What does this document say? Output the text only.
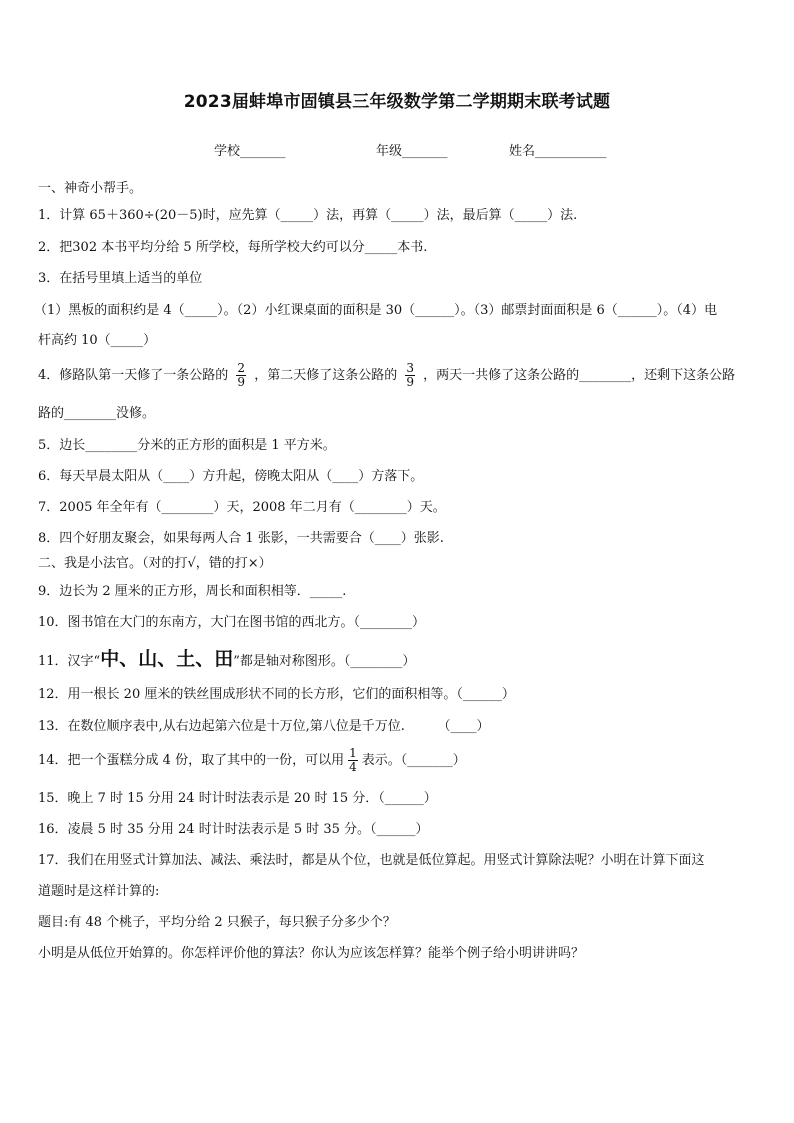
2023届蚌埠市固镇县三年级数学第二学期期末联考试题
学校_______	年级_______	姓名___________
一、神奇小帮手。
1．计算 65＋360÷(20－5)时，应先算（_____）法，再算（_____）法，最后算（_____）法.
2．把302 本书平均分给 5 所学校，每所学校大约可以分_____本书.
3．在括号里填上适当的单位
（1）黑板的面积约是 4（_____）。（2）小红课桌面的面积是 30（______）。（3）邮票封面面积是 6（______）。（4）电
杆高约 10（_____）
4．修路队第一天修了一条公路的 $\frac{2}{9}$ ，第二天修了这条公路的 $\frac{3}{9}$ ，两天一共修了这条公路的________，还剩下这条公路
路的________没修。
5．边长________分米的正方形的面积是 1 平方米。
6．每天早晨太阳从（____）方升起，傍晚太阳从（____）方落下。
7．2005 年全年有（________）天，2008 年二月有（________）天。
8．四个好朋友聚会，如果每两人合 1 张影，一共需要合（____）张影.
二、我是小法官。（对的打√，错的打×）
9．边长为 2 厘米的正方形，周长和面积相等．_____.
10．图书馆在大门的东南方，大门在图书馆的西北方。（________）
11．汉字“中、山、土、田”都是轴对称图形。（________）
12．用一根长 20 厘米的铁丝围成形状不同的长方形，它们的面积相等。（______）
13．在数位顺序表中,从右边起第六位是十万位,第八位是千万位.　　　（____）
14．把一个蛋糕分成 4 份，取了其中的一份，可以用 $\frac{1}{4}$ 表示。（_______）
15．晚上 7 时 15 分用 24 时计时法表示是 20 时 15 分．（______）
16．凌晨 5 时 35 分用 24 时计时法表示是 5 时 35 分。（______）
17．我们在用竖式计算加法、减法、乘法时，都是从个位，也就是低位算起。用竖式计算除法呢？小明在计算下面这
道题时是这样计算的:
题目:有 48 个桃子，平均分给 2 只猴子，每只猴子分多少个？
小明是从低位开始算的。你怎样评价他的算法？你认为应该怎样算？能举个例子给小明讲讲吗？
